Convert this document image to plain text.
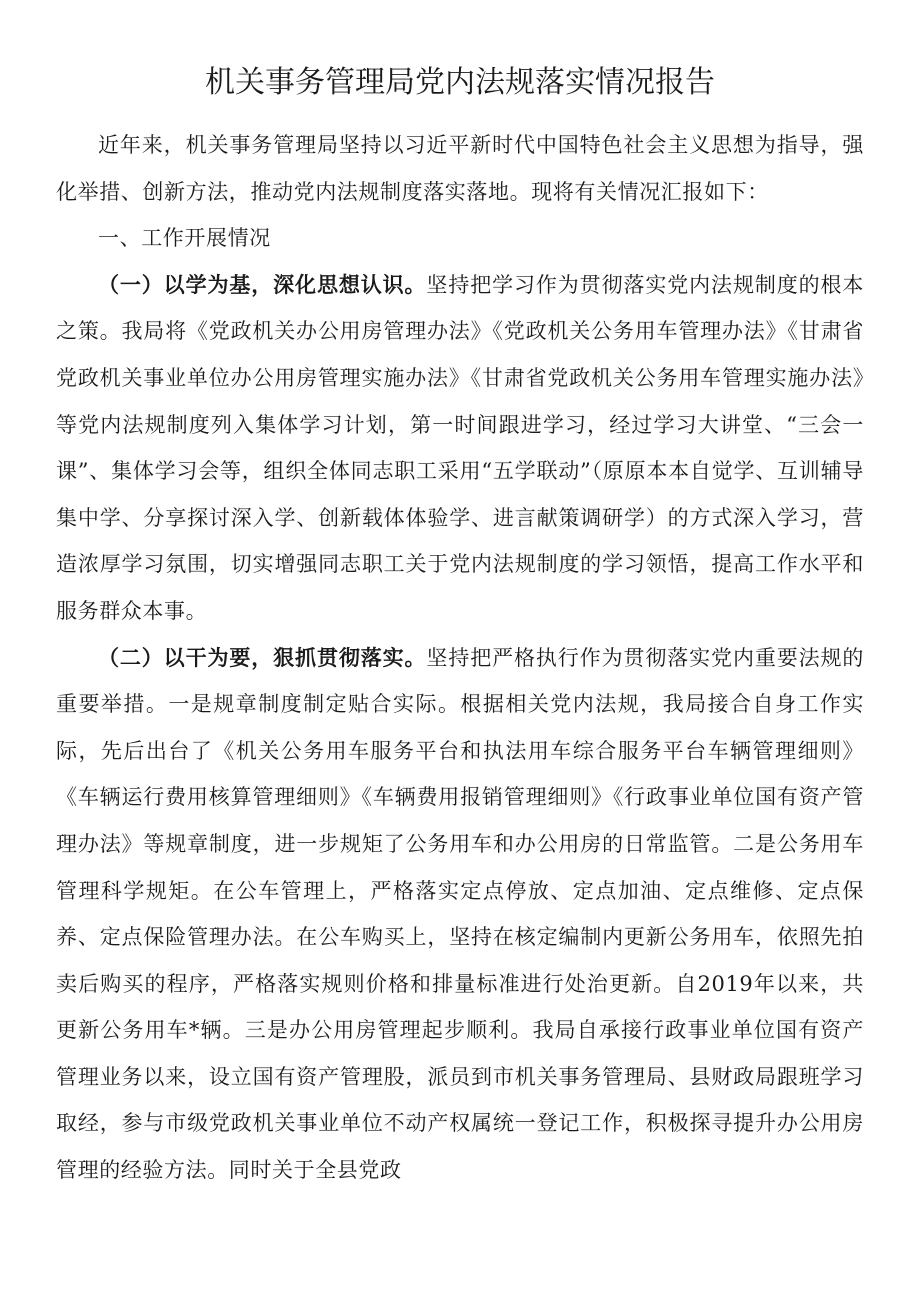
机关事务管理局党内法规落实情况报告

近年来，机关事务管理局坚持以习近平新时代中国特色社会主义思想为指导，强化举措、创新方法，推动党内法规制度落实落地。现将有关情况汇报如下：

一、工作开展情况

（一）以学为基，深化思想认识。坚持把学习作为贯彻落实党内法规制度的根本之策。我局将《党政机关办公用房管理办法》《党政机关公务用车管理办法》《甘肃省党政机关事业单位办公用房管理实施办法》《甘肃省党政机关公务用车管理实施办法》等党内法规制度列入集体学习计划，第一时间跟进学习，经过学习大讲堂、“三会一课”、集体学习会等，组织全体同志职工采用“五学联动”（原原本本自觉学、互训辅导集中学、分享探讨深入学、创新载体体验学、进言献策调研学）的方式深入学习，营造浓厚学习氛围，切实增强同志职工关于党内法规制度的学习领悟，提高工作水平和服务群众本事。

（二）以干为要，狠抓贯彻落实。坚持把严格执行作为贯彻落实党内重要法规的重要举措。一是规章制度制定贴合实际。根据相关党内法规，我局接合自身工作实际，先后出台了《机关公务用车服务平台和执法用车综合服务平台车辆管理细则》《车辆运行费用核算管理细则》《车辆费用报销管理细则》《行政事业单位国有资产管理办法》等规章制度，进一步规矩了公务用车和办公用房的日常监管。二是公务用车管理科学规矩。在公车管理上，严格落实定点停放、定点加油、定点维修、定点保养、定点保险管理办法。在公车购买上，坚持在核定编制内更新公务用车，依照先拍卖后购买的程序，严格落实规则价格和排量标准进行处治更新。自2019年以来，共更新公务用车*辆。三是办公用房管理起步顺利。我局自承接行政事业单位国有资产管理业务以来，设立国有资产管理股，派员到市机关事务管理局、县财政局跟班学习取经，参与市级党政机关事业单位不动产权属统一登记工作，积极探寻提升办公用房管理的经验方法。同时关于全县党政
